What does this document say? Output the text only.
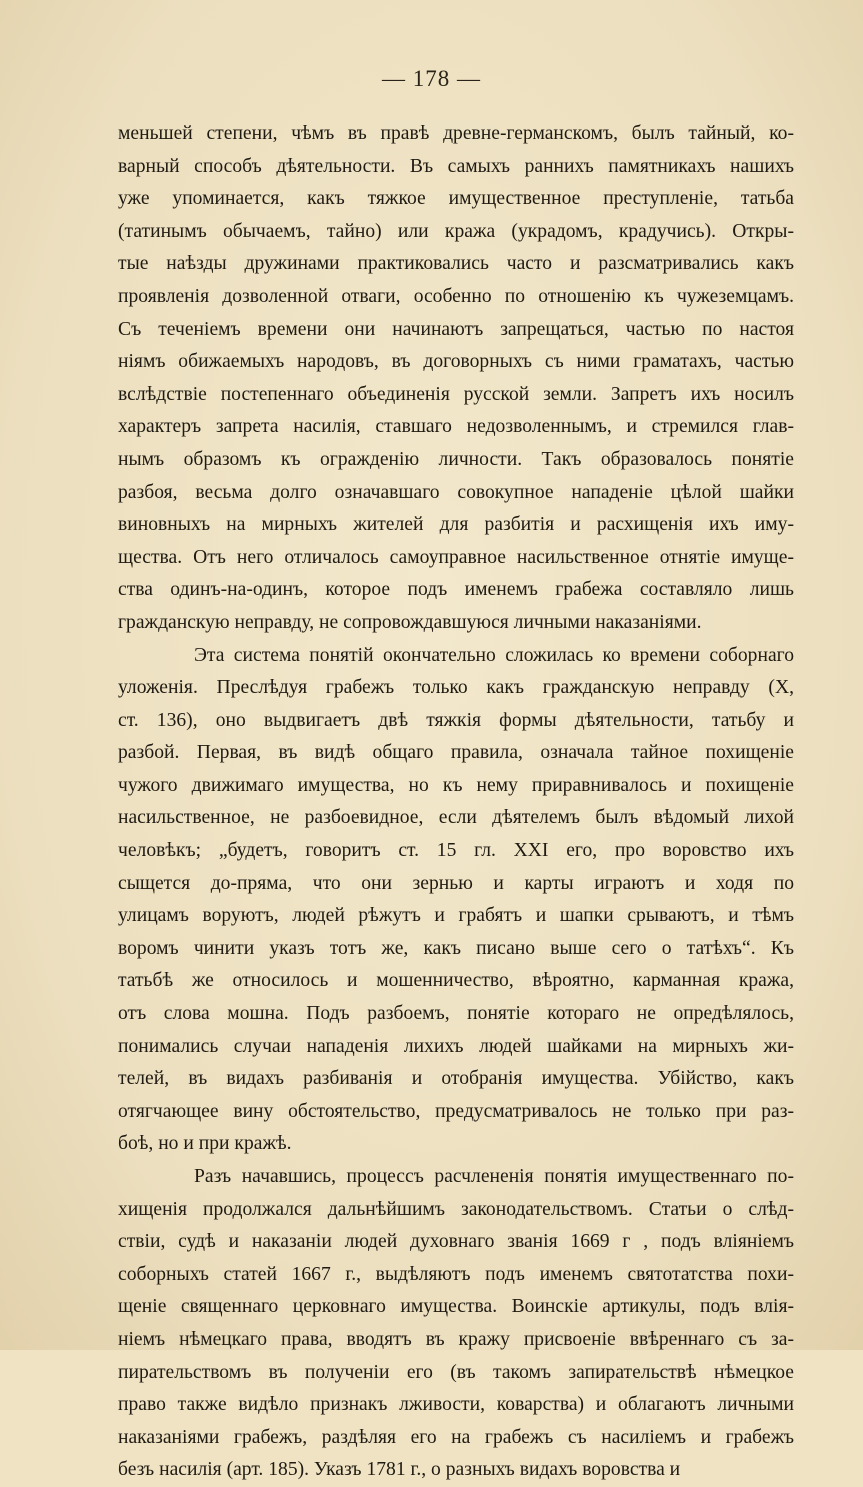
— 178 —
меньшей степени, чѣмъ въ правѣ древне-германскомъ, былъ тайный, ко-
варный способъ дѣятельности. Въ самыхъ раннихъ памятникахъ нашихъ
уже упоминается, какъ тяжкое имущественное преступленіе, татьба
(татинымъ обычаемъ, тайно) или кража (украдомъ, крадучись). Откры-
тые наѣзды дружинами практиковались часто и разсматривались какъ
проявленія дозволенной отваги, особенно по отношенію къ чужеземцамъ.
Съ теченіемъ времени они начинаютъ запрещаться, частью по настоя
ніямъ обижаемыхъ народовъ, въ договорныхъ съ ними граматахъ, частью
вслѣдствіе постепеннаго объединенія русской земли. Запретъ ихъ носилъ
характеръ запрета насилія, ставшаго недозволеннымъ, и стремился глав-
нымъ образомъ къ огражденію личности. Такъ образовалось понятіе
разбоя, весьма долго означавшаго совокупное нападеніе цѣлой шайки
виновныхъ на мирныхъ жителей для разбитія и расхищенія ихъ иму-
щества. Отъ него отличалось самоуправное насильственное отнятіе имуще-
ства одинъ-на-одинъ, которое подъ именемъ грабежа составляло лишь
гражданскую неправду, не сопровождавшуюся личными наказаніями.
Эта система понятій окончательно сложилась ко времени соборнаго
уложенія. Преслѣдуя грабежъ только какъ гражданскую неправду (X,
ст. 136), оно выдвигаетъ двѣ тяжкія формы дѣятельности, татьбу и
разбой. Первая, въ видѣ общаго правила, означала тайное похищеніе
чужого движимаго имущества, но къ нему приравнивалось и похищеніе
насильственное, не разбоевидное, если дѣятелемъ былъ вѣдомый лихой
человѣкъ; „будетъ, говоритъ ст. 15 гл. XXI его, про воровство ихъ
сыщется до-пряма, что они зернью и карты играютъ и ходя по
улицамъ воруютъ, людей рѣжутъ и грабятъ и шапки срываютъ, и тѣмъ
воромъ чинити указъ тотъ же, какъ писано выше сего о татѣхъ“. Къ
татьбѣ же относилось и мошенничество, вѣроятно, карманная кража,
отъ слова мошна. Подъ разбоемъ, понятіе котораго не опредѣлялось,
понимались случаи нападенія лихихъ людей шайками на мирныхъ жи-
телей, въ видахъ разбиванія и отобранія имущества. Убійство, какъ
отягчающее вину обстоятельство, предусматривалось не только при раз-
боѣ, но и при кражѣ.
Разъ начавшись, процессъ расчлененія понятія имущественнаго по-
хищенія продолжался дальнѣйшимъ законодательствомъ. Статьи о слѣд-
ствіи, судѣ и наказаніи людей духовнаго званія 1669 г , подъ вліяніемъ
соборныхъ статей 1667 г., выдѣляютъ подъ именемъ святотатства похи-
щеніе священнаго церковнаго имущества. Воинскіе артикулы, подъ влія-
ніемъ нѣмецкаго права, вводятъ въ кражу присвоеніе ввѣреннаго съ за-
пирательствомъ въ полученіи его (въ такомъ запирательствѣ нѣмецкое
право также видѣло признакъ лживости, коварства) и облагаютъ личными
наказаніями грабежъ, раздѣляя его на грабежъ съ насиліемъ и грабежъ
безъ насилія (арт. 185). Указъ 1781 г., о разныхъ видахъ воровства и
